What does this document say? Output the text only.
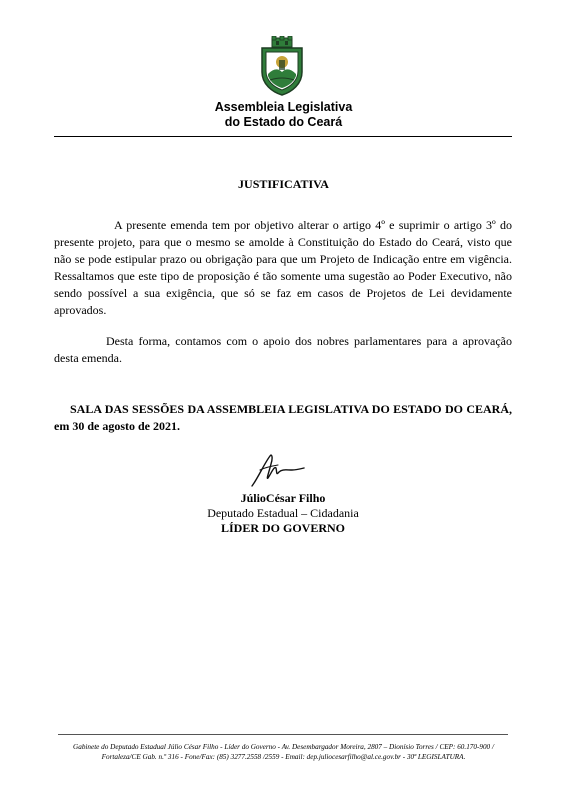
Assembleia Legislativa
do Estado do Ceará
JUSTIFICATIVA

A presente emenda tem por objetivo alterar o artigo 4º e suprimir o artigo 3º do presente projeto, para que o mesmo se amolde à Constituição do Estado do Ceará, visto que não se pode estipular prazo ou obrigação para que um Projeto de Indicação entre em vigência. Ressaltamos que este tipo de proposição é tão somente uma sugestão ao Poder Executivo, não sendo possível a sua exigência, que só se faz em casos de Projetos de Lei devidamente aprovados.

Desta forma, contamos com o apoio dos nobres parlamentares para a aprovação desta emenda.

SALA DAS SESSÕES DA ASSEMBLEIA LEGISLATIVA DO ESTADO DO CEARÁ, em 30 de agosto de 2021.

JúlioCésar Filho
Deputado Estadual – Cidadania
LÍDER DO GOVERNO
Gabinete do Deputado Estadual Júlio César Filho - Líder do Governo - Av. Desembargador Moreira, 2807 – Dionísio Torres / CEP: 60.170-900 /
Fortaleza/CE Gab. n.º 316 - Fone/Fax: (85) 3277.2558 /2559 - Email: dep.juliocesarfilho@al.ce.gov.br - 30ª LEGISLATURA.
